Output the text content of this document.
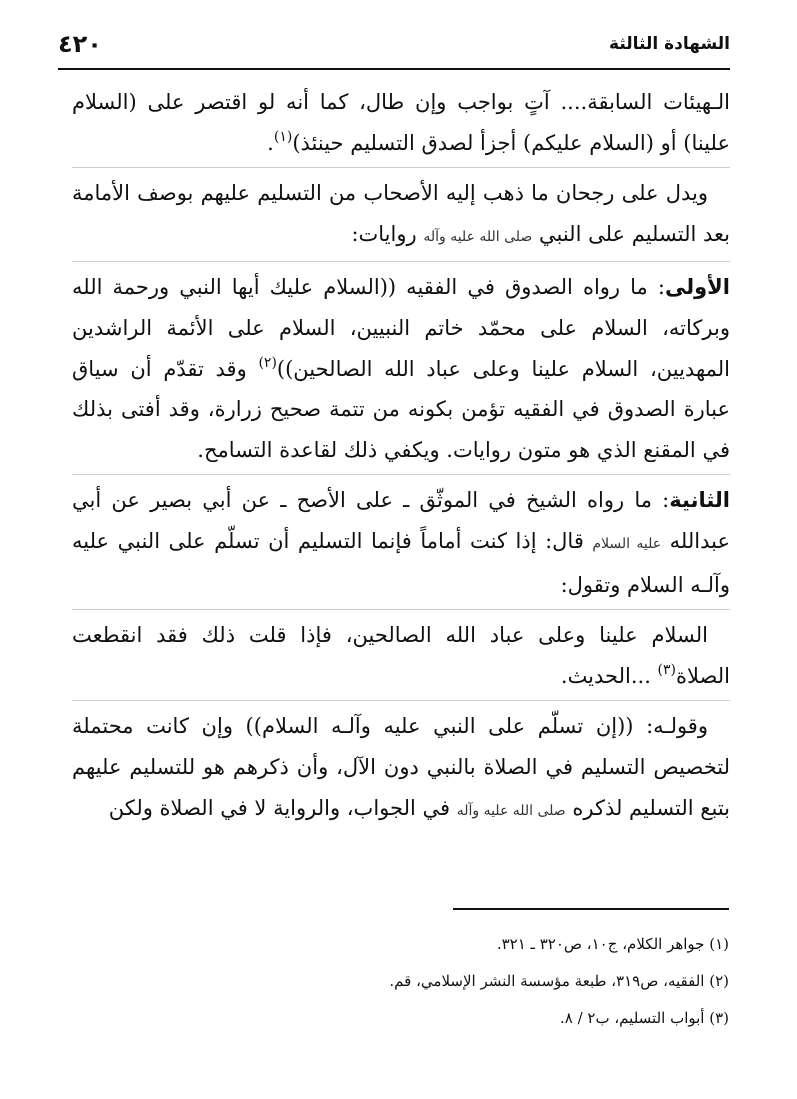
الشهادة الثالثة
٤٢٠

الـهيئات السابقة.... آتٍ بواجب وإن طال، كما أنه لو اقتصر على (السلام علينا) أو (السلام عليكم) أجزأ لصدق التسليم حينئذ)$^{(١)}$.

ويدل على رجحان ما ذهب إليه الأصحاب من التسليم عليهم بوصف الأمامة بعد التسليم على النبي صلى الله عليه وآله روايات:

الأولى: ما رواه الصدوق في الفقيه ((السلام عليك أيها النبي ورحمة الله وبركاته، السلام على محمّد خاتم النبيين، السلام على الأئمة الراشدين المهديين، السلام علينا وعلى عباد الله الصالحين))$^{(٢)}$ وقد تقدّم أن سياق عبارة الصدوق في الفقيه تؤمن بكونه من تتمة صحيح زرارة، وقد أفتى بذلك في المقنع الذي هو متون روايات. ويكفي ذلك لقاعدة التسامح.

الثانية: ما رواه الشيخ في الموثّق ـ على الأصح ـ عن أبي بصير عن أبي عبدالله عليه السلام قال: إذا كنت أماماً فإنما التسليم أن تسلّم على النبي عليه وآلـه السلام وتقول:

السلام علينا وعلى عباد الله الصالحين، فإذا قلت ذلك فقد انقطعت الصلاة$^{(٣)}$ ...الحديث.

وقولـه: ((إن تسلّم على النبي عليه وآلـه السلام)) وإن كانت محتملة لتخصيص التسليم في الصلاة بالنبي دون الآل، وأن ذكرهم هو للتسليم عليهم بتبع التسليم لذكره صلى الله عليه وآله في الجواب، والرواية لا في الصلاة ولكن

(١) جواهر الكلام، ج١٠، ص٣٢٠ ـ ٣٢١.
(٢) الفقيه، ص٣١٩، طبعة مؤسسة النشر الإسلامي، قم.
(٣) أبواب التسليم، ب٢ / ٨.
